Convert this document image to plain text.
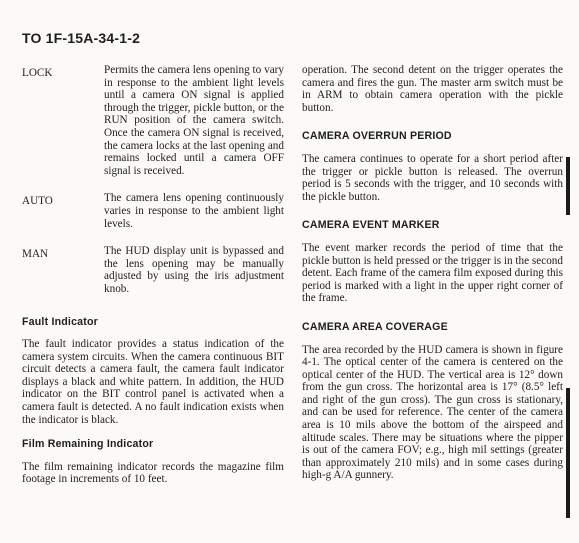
TO 1F-15A-34-1-2
LOCK	Permits the camera lens opening to vary in response to the ambient light levels until a camera ON signal is applied through the trigger, pickle button, or the RUN position of the camera switch. Once the camera ON signal is received, the camera locks at the last opening and remains locked until a camera OFF signal is received.
AUTO	The camera lens opening continuously varies in response to the ambient light levels.
MAN	The HUD display unit is bypassed and the lens opening may be manually adjusted by using the iris adjustment knob.
Fault Indicator

The fault indicator provides a status indication of the camera system circuits. When the camera continuous BIT circuit detects a camera fault, the camera fault indicator displays a black and white pattern. In addition, the HUD indicator on the BIT control panel is activated when a camera fault is detected. A no fault indication exists when the indicator is black.

Film Remaining Indicator

The film remaining indicator records the magazine film footage in increments of 10 feet.

operation. The second detent on the trigger operates the camera and fires the gun. The master arm switch must be in ARM to obtain camera operation with the pickle button.

CAMERA OVERRUN PERIOD

The camera continues to operate for a short period after the trigger or pickle button is released. The overrun period is 5 seconds with the trigger, and 10 seconds with the pickle button.

CAMERA EVENT MARKER

The event marker records the period of time that the pickle button is held pressed or the trigger is in the second detent. Each frame of the camera film exposed during this period is marked with a light in the upper right corner of the frame.

CAMERA AREA COVERAGE

The area recorded by the HUD camera is shown in figure 4-1. The optical center of the camera is centered on the optical center of the HUD. The vertical area is 12° down from the gun cross. The horizontal area is 17° (8.5° left and right of the gun cross). The gun cross is stationary, and can be used for reference. The center of the camera area is 10 mils above the bottom of the airspeed and altitude scales. There may be situations where the pipper is out of the camera FOV; e.g., high mil settings (greater than approximately 210 mils) and in some cases during high-g A/A gunnery.
